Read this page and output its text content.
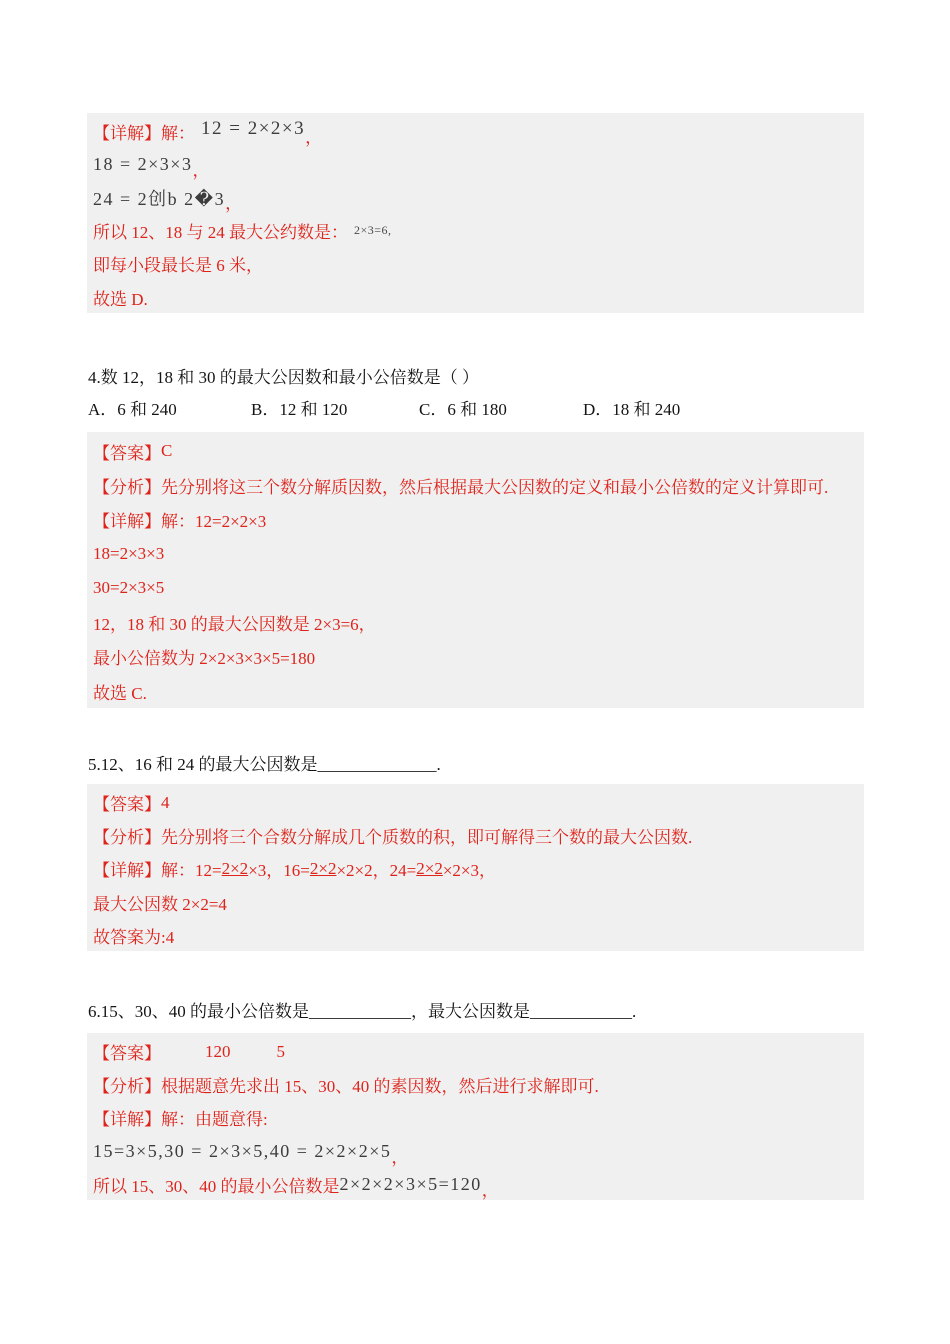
【详解】 解： 12 = 2×2×3 ，
18 = 2×3×3 ，
24 = 2创b 2�3 ，
所以 12、18 与 24 最大公约数是： 2×3=6,
即每小段最长是 6 米，
故选 D.
4.数 12，18 和 30 的最大公因数和最小公倍数是（ ）
A．6 和 240	B．12 和 120	C．6 和 180	D．18 和 240
【答案】 C
【分析】 先分别将这三个数分解质因数，然后根据最大公因数的定义和最小公倍数的定义计算即可.
【详解】 解：12=2×2×3
18=2×3×3
30=2×3×5
12，18 和 30 的最大公因数是 2×3=6，
最小公倍数为 2×2×3×3×5=180
故选 C.
5.12、16 和 24 的最大公因数是______________.
【答案】 4
【分析】 先分别将三个合数分解成几个质数的积，即可解得三个数的最大公因数.
【详解】 解：12= 2×2 ×3，16= 2×2 ×2×2，24= 2×2 ×2×3，
最大公因数 2×2=4
故答案为:4
6.15、30、40 的最小公倍数是____________，最大公因数是____________.
【答案】	120	5
【分析】 根据题意先求出 15、30、40 的素因数，然后进行求解即可.
【详解】 解：由题意得:
15=3×5,30 = 2×3×5,40 = 2×2×2×5 ，
所以 15、30、40 的最小公倍数是 2×2×2×3×5=120 ，
